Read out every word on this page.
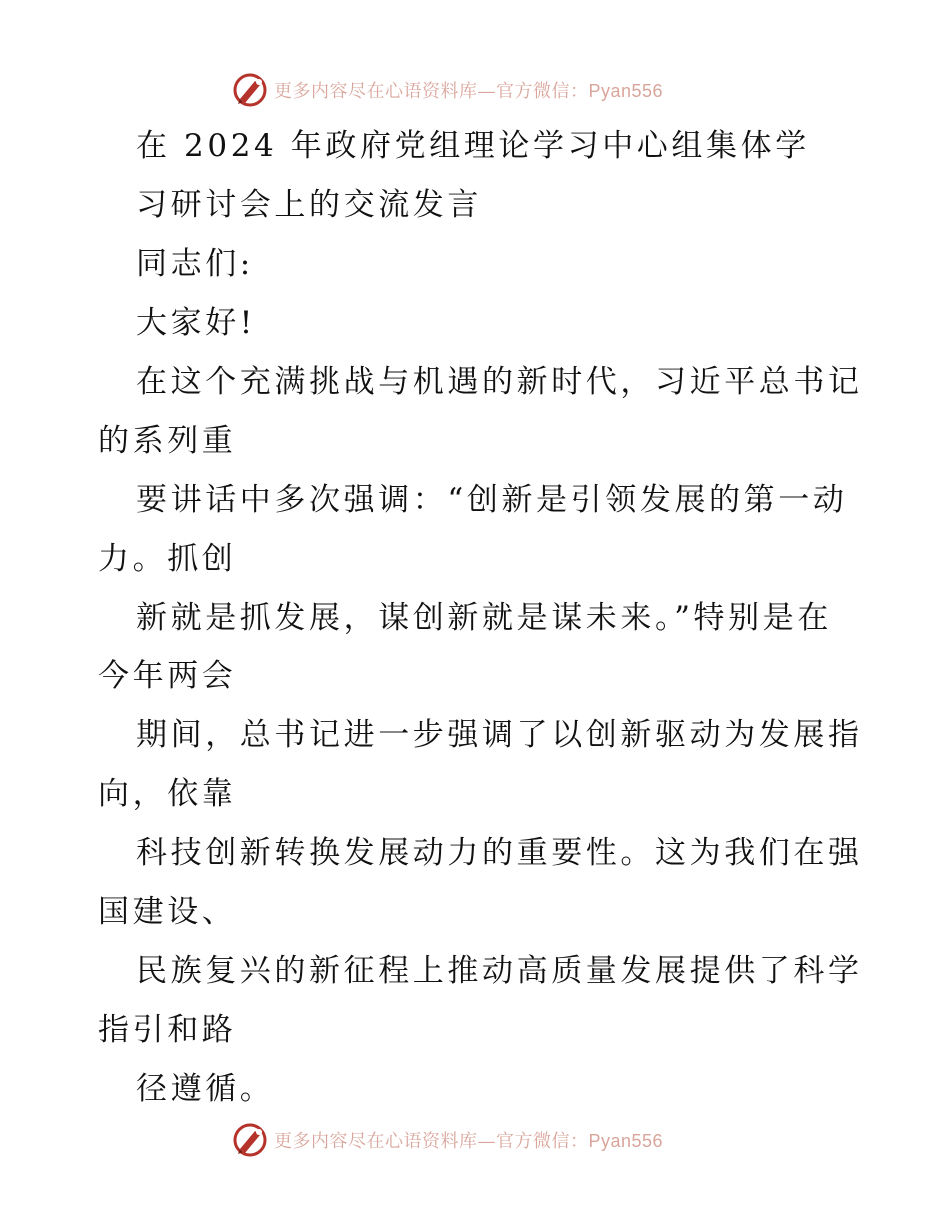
更多内容尽在心语资料库—官方微信：Pyan556
在 2024 年政府党组理论学习中心组集体学
习研讨会上的交流发言
同志们:
大家好!
在这个充满挑战与机遇的新时代，习近平总书记
的系列重
要讲话中多次强调：“创新是引领发展的第一动
力。抓创
新就是抓发展，谋创新就是谋未来。”特别是在
今年两会
期间，总书记进一步强调了以创新驱动为发展指
向，依靠
科技创新转换发展动力的重要性。这为我们在强
国建设、
民族复兴的新征程上推动高质量发展提供了科学
指引和路
径遵循。
更多内容尽在心语资料库—官方微信：Pyan556
